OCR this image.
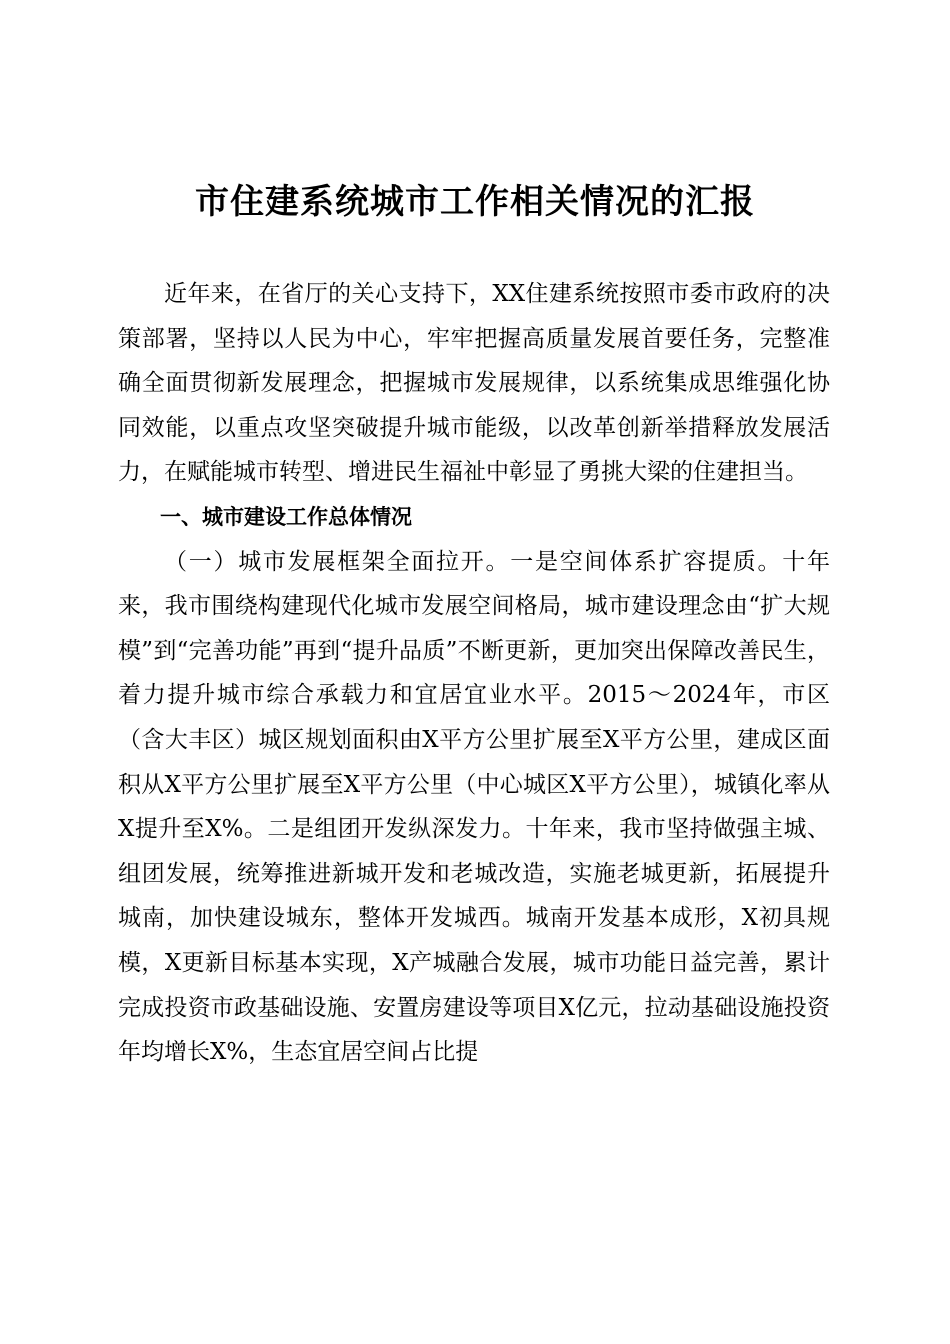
市住建系统城市工作相关情况的汇报

近年来，在省厅的关心支持下，XX住建系统按照市委市政府的决策部署，坚持以人民为中心，牢牢把握高质量发展首要任务，完整准确全面贯彻新发展理念，把握城市发展规律，以系统集成思维强化协同效能，以重点攻坚突破提升城市能级，以改革创新举措释放发展活力，在赋能城市转型、增进民生福祉中彰显了勇挑大梁的住建担当。

一、城市建设工作总体情况

（一）城市发展框架全面拉开。一是空间体系扩容提质。十年来，我市围绕构建现代化城市发展空间格局，城市建设理念由“扩大规模”到“完善功能”再到“提升品质”不断更新，更加突出保障改善民生，着力提升城市综合承载力和宜居宜业水平。2015～2024年，市区（含大丰区）城区规划面积由X平方公里扩展至X平方公里，建成区面积从X平方公里扩展至X平方公里（中心城区X平方公里），城镇化率从X提升至X%。二是组团开发纵深发力。十年来，我市坚持做强主城、组团发展，统筹推进新城开发和老城改造，实施老城更新，拓展提升城南，加快建设城东，整体开发城西。城南开发基本成形，X初具规模，X更新目标基本实现，X产城融合发展，城市功能日益完善，累计完成投资市政基础设施、安置房建设等项目X亿元，拉动基础设施投资年均增长X%，生态宜居空间占比提
